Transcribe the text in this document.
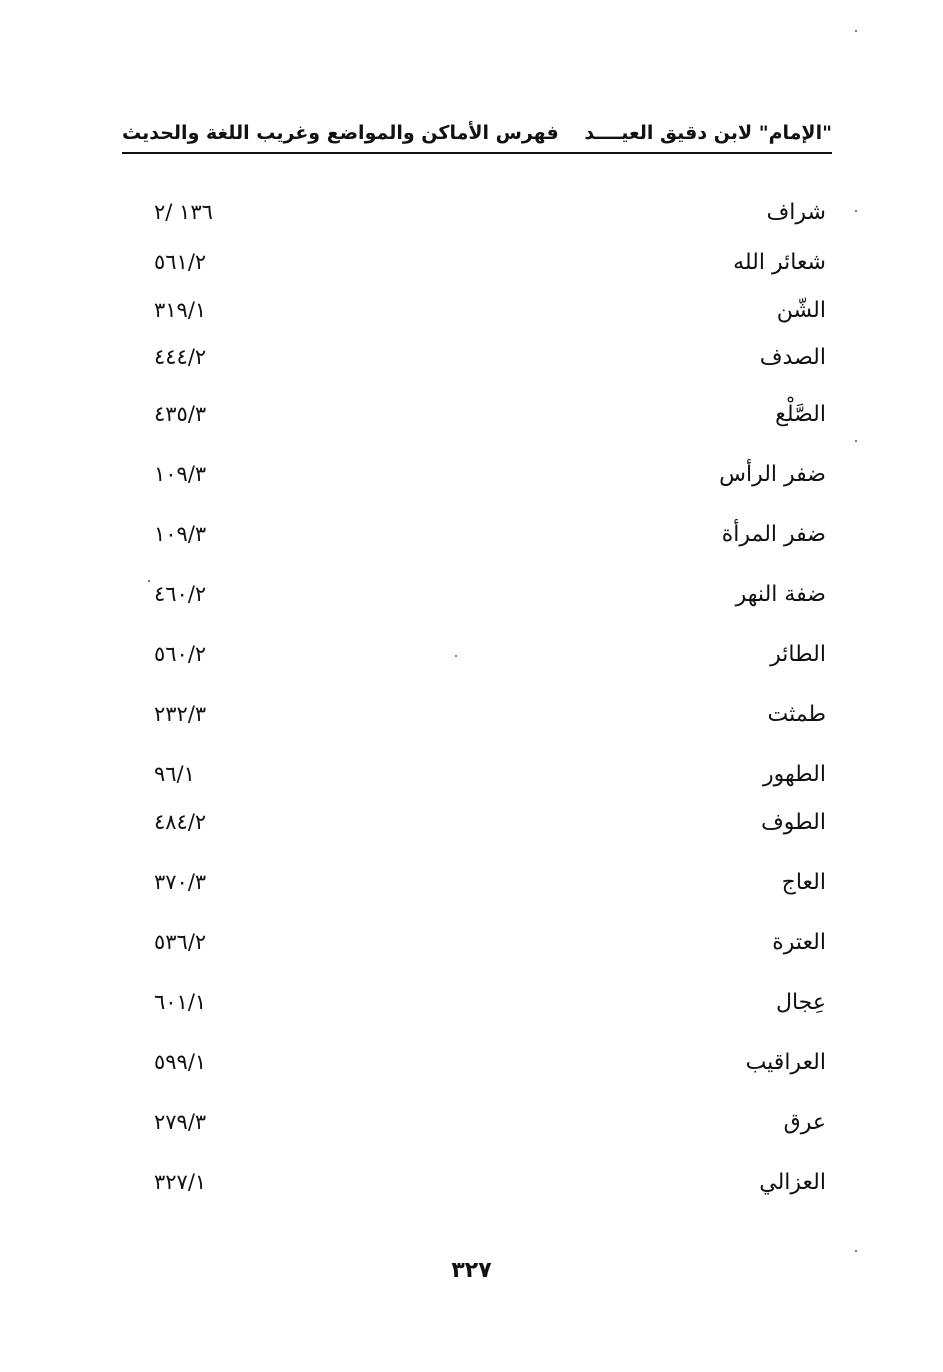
"الإمام" لابن دقيق العيــــد
فهرس الأماكن والمواضع وغريب اللغة والحديث
شراف
١٣٦ /٢
شعائر الله
٥٦١/٢
الشّن
٣١٩/١
الصدف
٤٤٤/٢
الصَّلْع
٤٣٥/٣
ضفر الرأس
١٠٩/٣
ضفر المرأة
١٠٩/٣
ضفة النهر
٤٦٠/٢
الطائر
٥٦٠/٢
طمثت
٢٣٢/٣
الطهور
٩٦/١
الطوف
٤٨٤/٢
العاج
٣٧٠/٣
العترة
٥٣٦/٢
عِجال
٦٠١/١
العراقيب
٥٩٩/١
عرق
٢٧٩/٣
العزالي
٣٢٧/١
٣٢٧
